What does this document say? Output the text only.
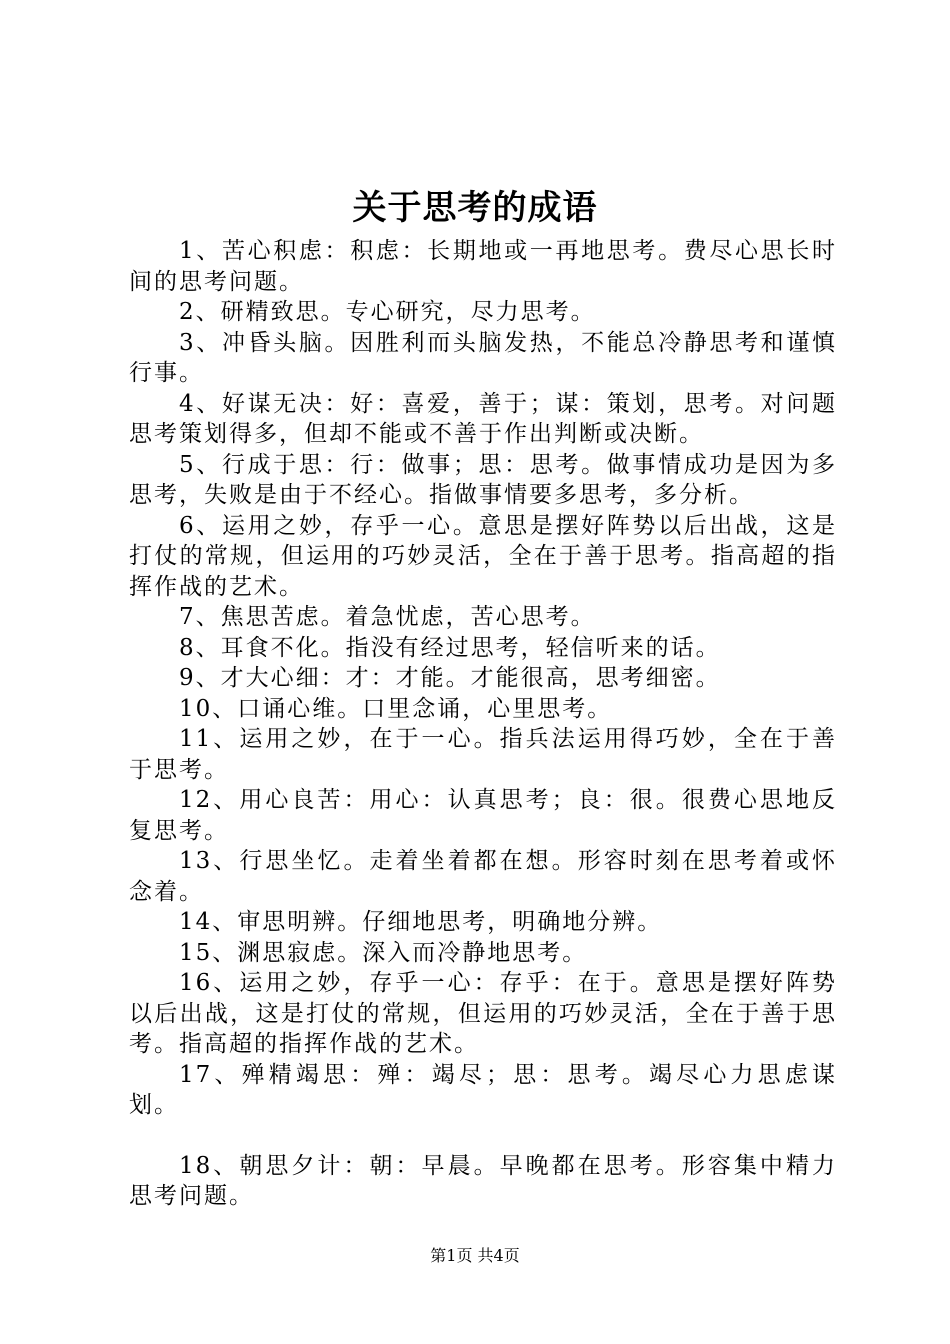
关于思考的成语

1、苦心积虑：积虑：长期地或一再地思考。费尽心思长时间的思考问题。

2、研精致思。专心研究，尽力思考。

3、冲昏头脑。因胜利而头脑发热，不能总冷静思考和谨慎行事。

4、好谋无决：好：喜爱，善于；谋：策划，思考。对问题思考策划得多，但却不能或不善于作出判断或决断。

5、行成于思：行：做事；思：思考。做事情成功是因为多思考，失败是由于不经心。指做事情要多思考，多分析。

6、运用之妙，存乎一心。意思是摆好阵势以后出战，这是打仗的常规，但运用的巧妙灵活，全在于善于思考。指高超的指挥作战的艺术。

7、焦思苦虑。着急忧虑，苦心思考。

8、耳食不化。指没有经过思考，轻信听来的话。

9、才大心细：才：才能。才能很高，思考细密。

10、口诵心维。口里念诵，心里思考。

11、运用之妙，在于一心。指兵法运用得巧妙，全在于善于思考。

12、用心良苦：用心：认真思考；良：很。很费心思地反复思考。

13、行思坐忆。走着坐着都在想。形容时刻在思考着或怀念着。

14、审思明辨。仔细地思考，明确地分辨。

15、渊思寂虑。深入而冷静地思考。

16、运用之妙，存乎一心：存乎：在于。意思是摆好阵势以后出战，这是打仗的常规，但运用的巧妙灵活，全在于善于思考。指高超的指挥作战的艺术。

17、殚精竭思：殚：竭尽；思：思考。竭尽心力思虑谋划。

18、朝思夕计：朝：早晨。早晚都在思考。形容集中精力思考问题。

第1页 共4页
